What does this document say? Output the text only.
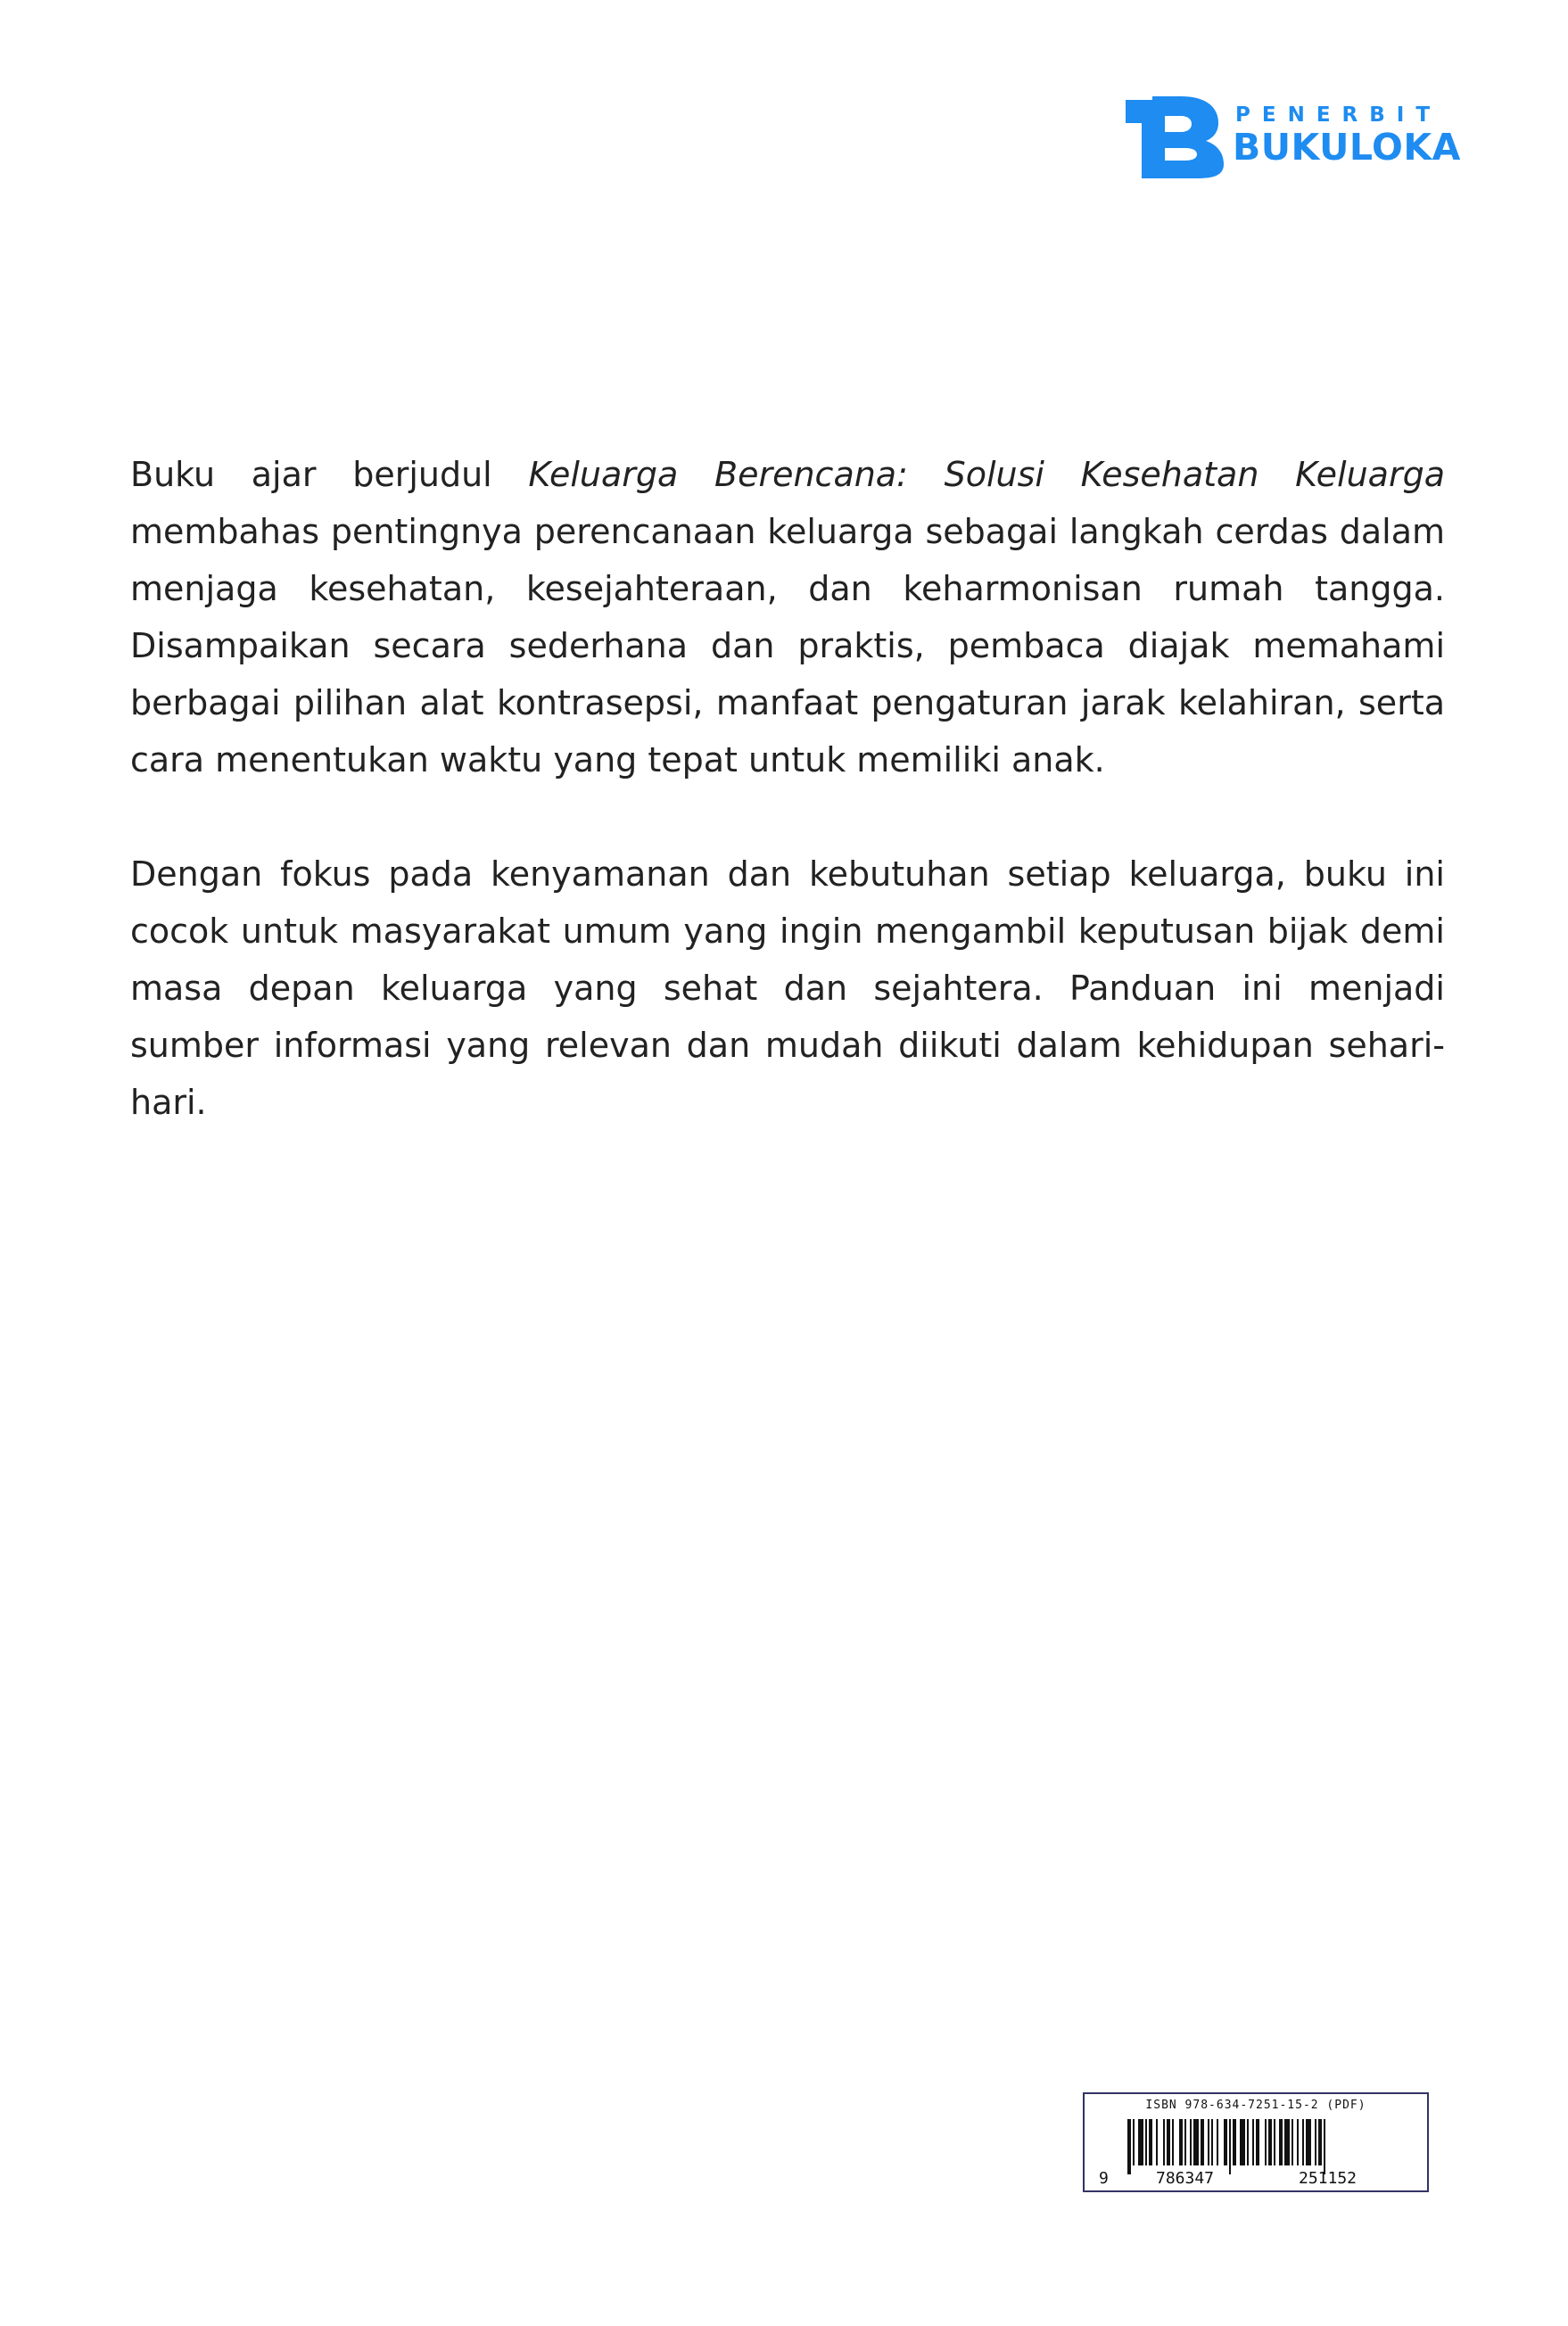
PENERBIT
BUKULOKA

Buku ajar berjudul Keluarga Berencana: Solusi Kesehatan Keluarga membahas pentingnya perencanaan keluarga sebagai langkah cerdas dalam menjaga kesehatan, kesejahteraan, dan keharmonisan rumah tangga. Disampaikan secara sederhana dan praktis, pembaca diajak memahami berbagai pilihan alat kontrasepsi, manfaat pengaturan jarak kelahiran, serta cara menentukan waktu yang tepat untuk memiliki anak.

Dengan fokus pada kenyamanan dan kebutuhan setiap keluarga, buku ini cocok untuk masyarakat umum yang ingin mengambil keputusan bijak demi masa depan keluarga yang sehat dan sejahtera. Panduan ini menjadi sumber informasi yang relevan dan mudah diikuti dalam kehidupan sehari-hari.

ISBN 978-634-7251-15-2 (PDF)
9	786347	251152
